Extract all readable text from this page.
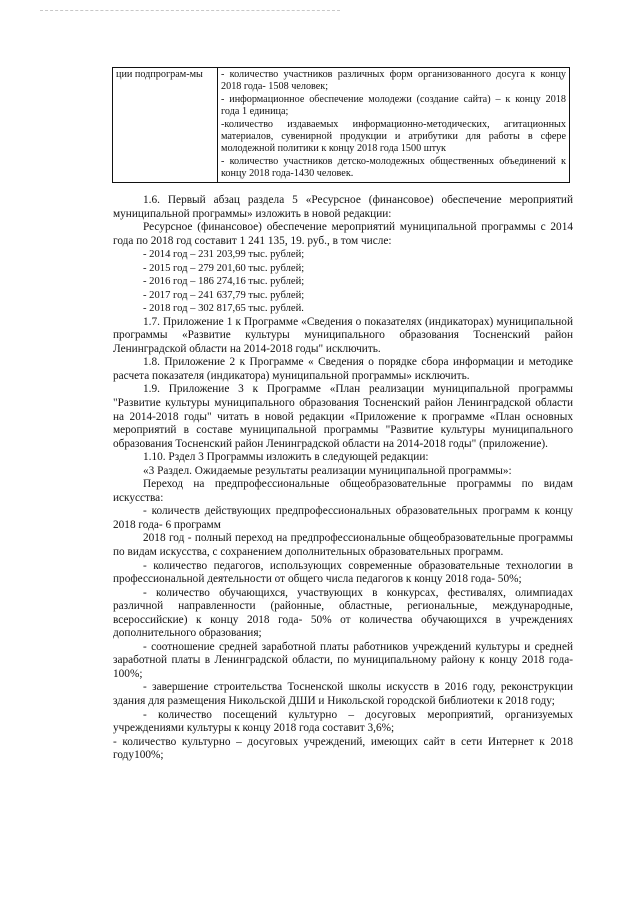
ции подпрограм-мы	- количество участников различных форм организованного досуга к концу 2018 года- 1508 человек;
- информационное обеспечение молодежи (создание сайта) – к концу 2018 года 1 единица;
-количество издаваемых информационно-методических, агитационных материалов, сувенирной продукции и атрибутики для работы в сфере молодежной политики к концу 2018 года 1500 штук
- количество участников детско-молодежных общественных объединений к концу 2018 года-1430 человек.

1.6. Первый абзац раздела 5 «Ресурсное (финансовое) обеспечение мероприятий муниципальной программы» изложить в новой редакции:

Ресурсное (финансовое) обеспечение мероприятий муниципальной программы с 2014 года по 2018 год составит 1 241 135, 19. руб., в том числе:

- 2014 год – 231 203,99 тыс. рублей;
- 2015 год – 279 201,60 тыс. рублей;
- 2016 год – 186 274,16 тыс. рублей;
- 2017 год – 241 637,79 тыс. рублей;
- 2018 год – 302 817,65 тыс. рублей.

1.7. Приложение 1 к Программе «Сведения о показателях (индикаторах) муниципальной программы «Развитие культуры муниципального образования Тосненский район Ленинградской области на 2014-2018 годы" исключить.

1.8. Приложение 2 к Программе « Сведения о порядке сбора информации и методике расчета показателя (индикатора) муниципальной программы» исключить.

1.9. Приложение 3 к Программе «План реализации муниципальной программы "Развитие культуры муниципального образования Тосненский район Ленинградской области на 2014-2018 годы" читать в новой редакции «Приложение к программе «План основных мероприятий в составе муниципальной программы "Развитие культуры муниципального образования Тосненский район Ленинградской области на 2014-2018 годы" (приложение).

1.10. Рздел 3 Программы изложить в следующей редакции:

«3 Раздел. Ожидаемые результаты реализации муниципальной программы»:

Переход на предпрофессиональные общеобразовательные программы по видам искусства:

- количеств действующих предпрофессиональных образовательных программ к концу 2018 года- 6 программ

2018 год - полный переход на предпрофессиональные общеобразовательные программы по видам искусства, с сохранением дополнительных образовательных программ.

- количество педагогов, использующих современные образовательные технологии в профессиональной деятельности от общего числа педагогов к концу 2018 года- 50%;

- количество обучающихся, участвующих в конкурсах, фестивалях, олимпиадах различной направленности (районные, областные, региональные, международные, всероссийские) к концу 2018 года- 50% от количества обучающихся в учреждениях дополнительного образования;

- соотношение средней заработной платы работников учреждений культуры и средней заработной платы в Ленинградской области, по муниципальному району к концу 2018 года- 100%;

- завершение строительства Тосненской школы искусств в 2016 году, реконструкции здания для размещения Никольской ДШИ и Никольской городской библиотеки к 2018 году;

- количество посещений культурно – досуговых мероприятий, организуемых учреждениями культуры к концу 2018 года составит 3,6%;

- количество культурно – досуговых учреждений, имеющих сайт в сети Интернет к 2018 году100%;
